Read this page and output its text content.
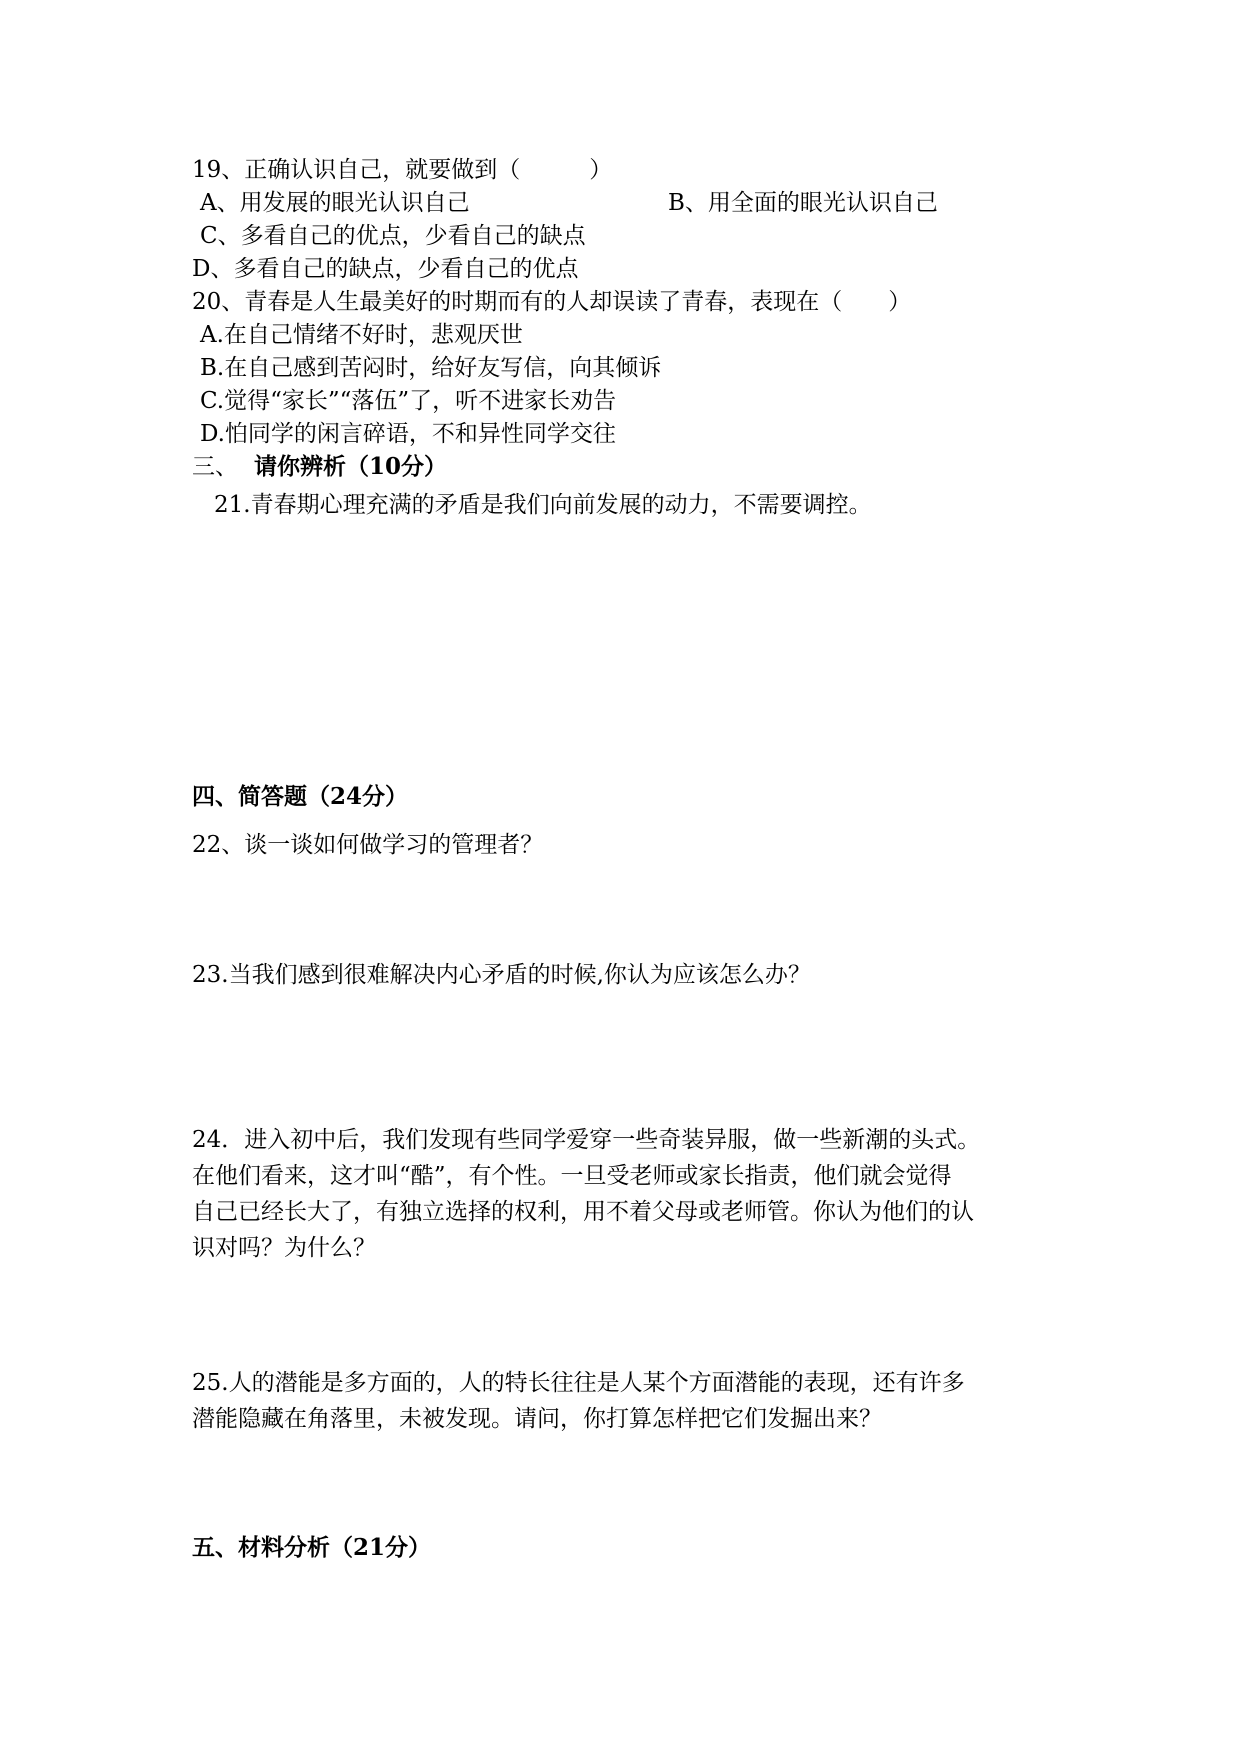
19、正确认识自己，就要做到（　　　）
A、用发展的眼光认识自己	B、用全面的眼光认识自己
C、多看自己的优点，少看自己的缺点
D、多看自己的缺点，少看自己的优点
20、青春是人生最美好的时期而有的人却误读了青春，表现在（　　）
A.在自己情绪不好时，悲观厌世
B.在自己感到苦闷时，给好友写信，向其倾诉
C.觉得“家长”“落伍”了，听不进家长劝告
D.怕同学的闲言碎语，不和异性同学交往
三、 请你辨析（10分）
21.青春期心理充满的矛盾是我们向前发展的动力，不需要调控。
四、简答题（24分）
22、谈一谈如何做学习的管理者？
23.当我们感到很难解决内心矛盾的时候,你认为应该怎么办？
24．进入初中后，我们发现有些同学爱穿一些奇装异服，做一些新潮的头式。
在他们看来，这才叫“酷”，有个性。一旦受老师或家长指责，他们就会觉得
自己已经长大了，有独立选择的权利，用不着父母或老师管。你认为他们的认
识对吗？为什么？
25.人的潜能是多方面的，人的特长往往是人某个方面潜能的表现，还有许多
潜能隐藏在角落里，未被发现。请问，你打算怎样把它们发掘出来？
五、材料分析（21分）
